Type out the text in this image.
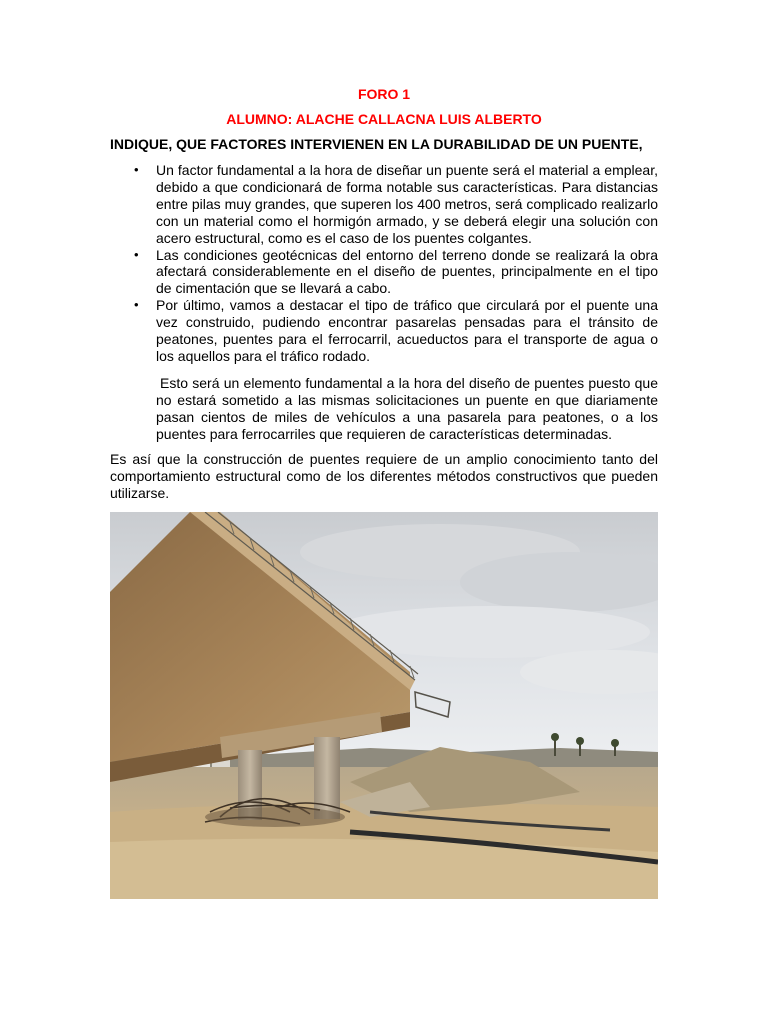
FORO 1

ALUMNO: ALACHE CALLACNA LUIS ALBERTO

INDIQUE, QUE FACTORES INTERVIENEN EN LA DURABILIDAD DE UN PUENTE,

• Un factor fundamental a la hora de diseñar un puente será el material a emplear, debido a que condicionará de forma notable sus características. Para distancias entre pilas muy grandes, que superen los 400 metros, será complicado realizarlo con un material como el hormigón armado, y se deberá elegir una solución con acero estructural, como es el caso de los puentes colgantes.
• Las condiciones geotécnicas del entorno del terreno donde se realizará la obra afectará considerablemente en el diseño de puentes, principalmente en el tipo de cimentación que se llevará a cabo.
• Por último, vamos a destacar el tipo de tráfico que circulará por el puente una vez construido, pudiendo encontrar pasarelas pensadas para el tránsito de peatones, puentes para el ferrocarril, acueductos para el transporte de agua o los aquellos para el tráfico rodado.

Esto será un elemento fundamental a la hora del diseño de puentes puesto que no estará sometido a las mismas solicitaciones un puente en que diariamente pasan cientos de miles de vehículos a una pasarela para peatones, o a los puentes para ferrocarriles que requieren de características determinadas.

Es así que la construcción de puentes requiere de un amplio conocimiento tanto del comportamiento estructural como de los diferentes métodos constructivos que pueden utilizarse.
